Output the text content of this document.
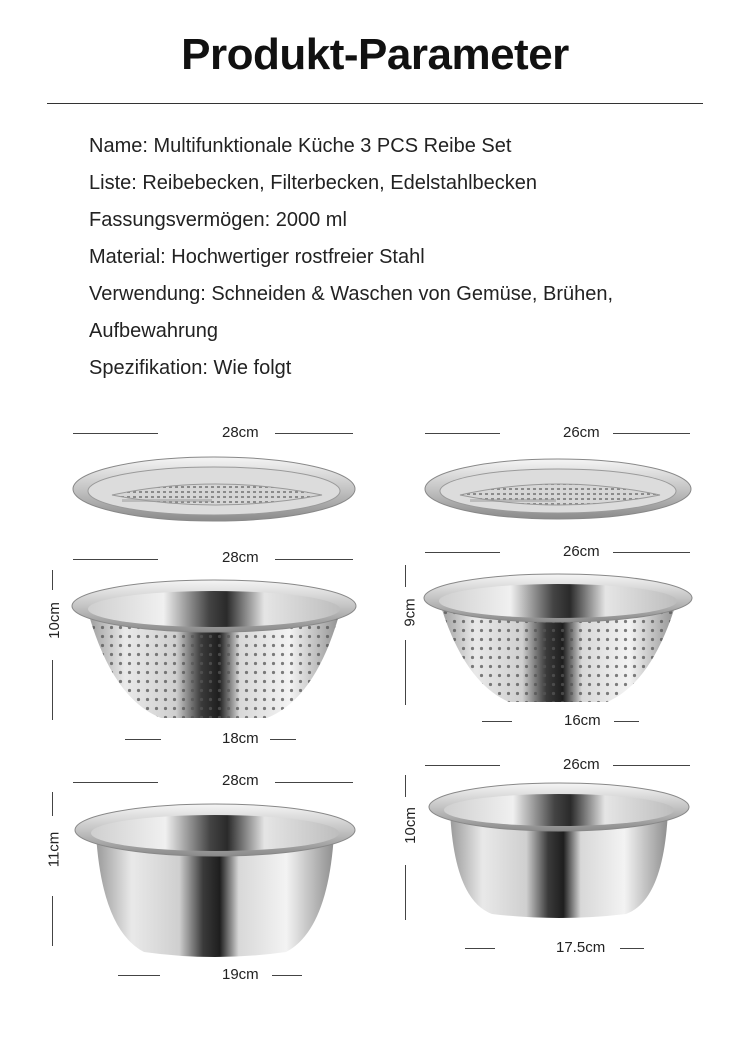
Produkt-Parameter
Name: Multifunktionale Küche 3 PCS Reibe Set
Liste: Reibebecken, Filterbecken, Edelstahlbecken
Fassungsvermögen: 2000 ml
Material: Hochwertiger rostfreier Stahl
Verwendung: Schneiden & Waschen von Gemüse, Brühen,
Aufbewahrung
Spezifikation: Wie folgt
28cm
28cm
10cm
18cm
28cm
11cm
19cm
26cm
26cm
9cm
16cm
26cm
10cm
17.5cm
